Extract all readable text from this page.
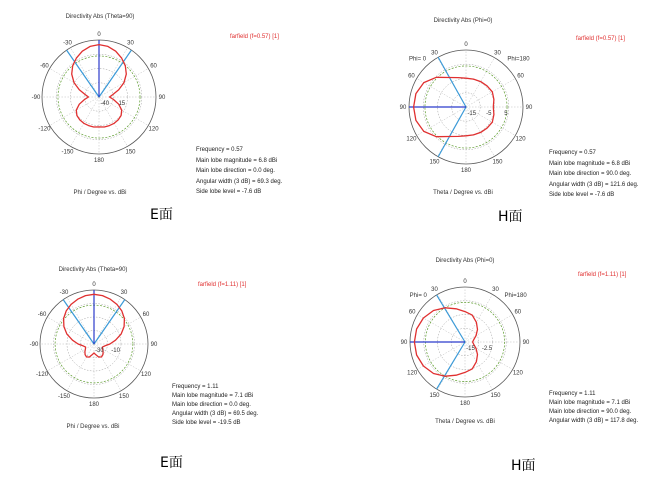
Directivity Abs (Theta=90)
0
30
60
90
120
150
180
-150
-120
-90
-60
-30
-40 15
farfield (f=0.57) [1]
Frequency = 0.57
Main lobe magnitude = 6.8 dBi
Main lobe direction = 0.0 deg.
Angular width (3 dB) = 69.3 deg.
Side lobe level = -7.6 dB
Phi / Degree vs. dBi
E面
Directivity Abs (Phi=0)
0
30
60
90
120
150
180
150
120
90
60
30
-15 -5 5
Phi= 0	Phi=180
farfield (f=0.57) [1]
Frequency = 0.57
Main lobe magnitude = 6.8 dBi
Main lobe direction = 90.0 deg.
Angular width (3 dB) = 121.6 deg.
Side lobe level = -7.6 dB
Theta / Degree vs. dBi
H面
Directivity Abs (Theta=90)
0
30
60
90
120
150
180
-150
-120
-90
-60
-30
-30 -10
farfield (f=1.11) [1]
Frequency = 1.11
Main lobe magnitude = 7.1 dBi
Main lobe direction = 0.0 deg.
Angular width (3 dB) = 69.5 deg.
Side lobe level = -19.5 dB
Phi / Degree vs. dBi
E面
Directivity Abs (Phi=0)
0
30
60
90
120
150
180
150
120
90
60
30
-15 -2.5
Phi= 0	Phi=180
farfield (f=1.11) [1]
Frequency = 1.11
Main lobe magnitude = 7.1 dBi
Main lobe direction = 90.0 deg.
Angular width (3 dB) = 117.8 deg.
Theta / Degree vs. dBi
H面
